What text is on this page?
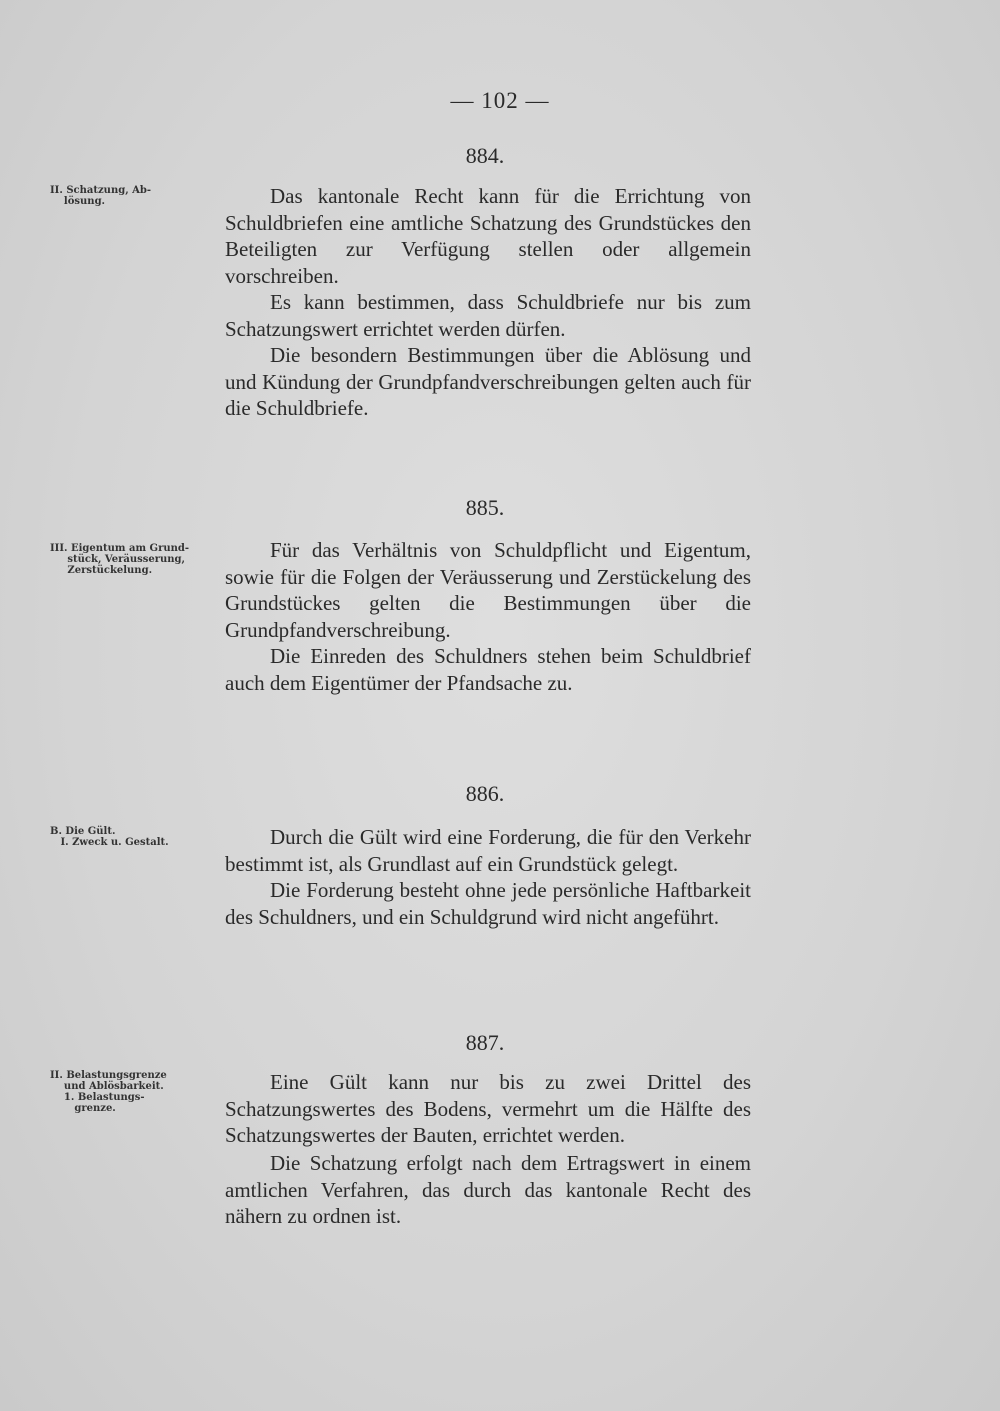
— 102 —
884.
II. Schatzung, Ab-
lösung.	Das kantonale Recht kann für die Errichtung von Schuldbriefen eine amtliche Schatzung des Grundstückes den Beteiligten zur Verfügung stellen oder allgemein vorschreiben.

Es kann bestimmen, dass Schuldbriefe nur bis zum Schatzungswert errichtet werden dürfen.

Die besondern Bestimmungen über die Ablösung und und Kündung der Grundpfandverschreibungen gelten auch für die Schuldbriefe.

885.
III. Eigentum am Grund-
stück, Veräusserung,
Zerstückelung.

Für das Verhältnis von Schuldpflicht und Eigentum, sowie für die Folgen der Veräusserung und Zerstückelung des Grundstückes gelten die Bestimmungen über die Grundpfandverschreibung.

Die Einreden des Schuldners stehen beim Schuldbrief auch dem Eigentümer der Pfandsache zu.

886.
B. Die Gült.
I. Zweck u. Gestalt.	Durch die Gült wird eine Forderung, die für den Verkehr bestimmt ist, als Grundlast auf ein Grundstück gelegt.

Die Forderung besteht ohne jede persönliche Haftbarkeit des Schuldners, und ein Schuldgrund wird nicht angeführt.

887.
II. Belastungsgrenze
und Ablösbarkeit.
1. Belastungs-
grenze.

Eine Gült kann nur bis zu zwei Drittel des Schatzungswertes des Bodens, vermehrt um die Hälfte des Schatzungswertes der Bauten, errichtet werden.

Die Schatzung erfolgt nach dem Ertragswert in einem amtlichen Verfahren, das durch das kantonale Recht des nähern zu ordnen ist.
